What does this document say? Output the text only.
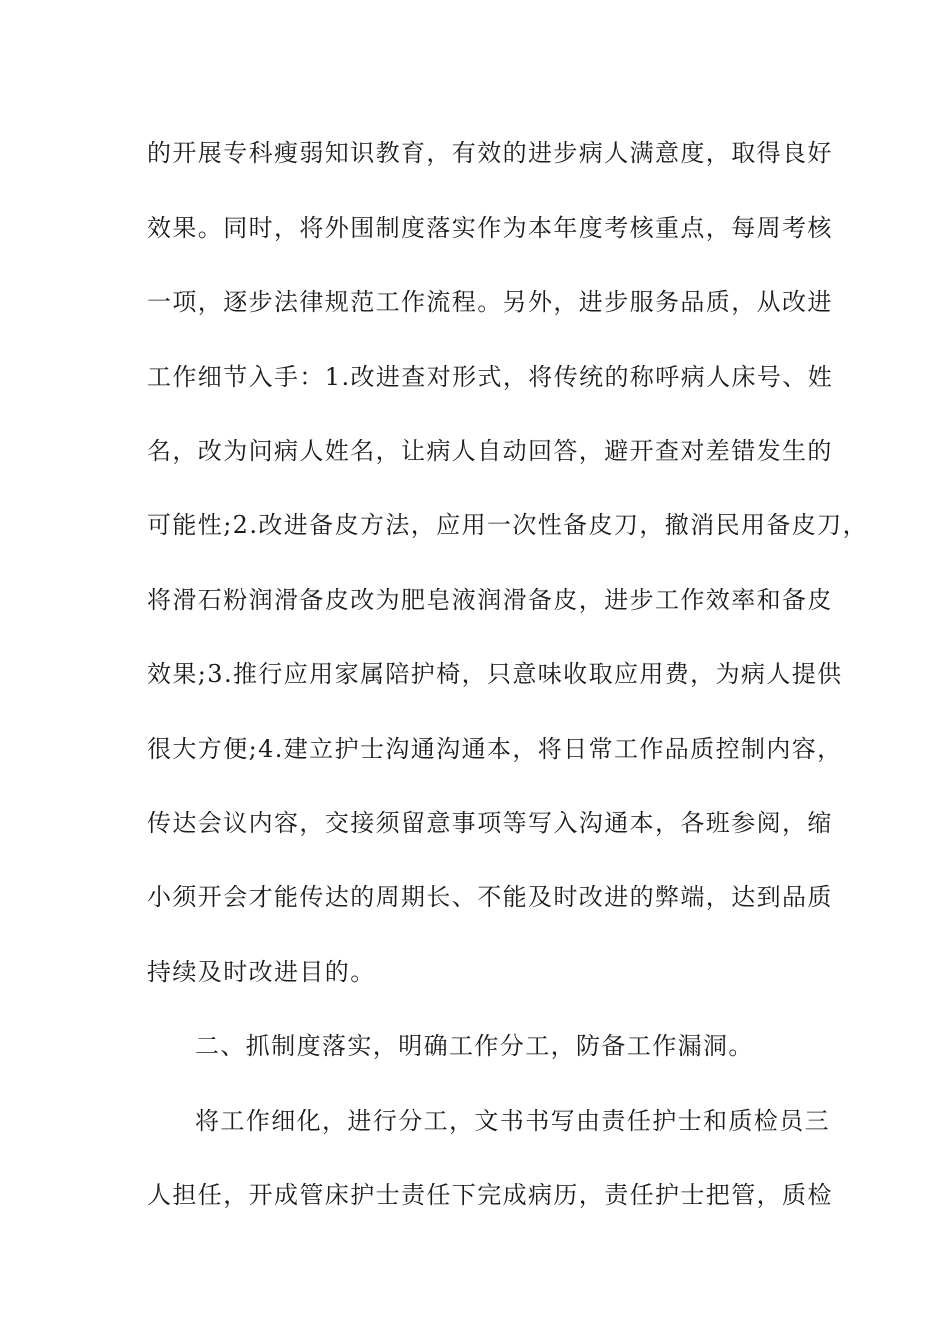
的开展专科瘦弱知识教育，有效的进步病人满意度，取得良好
效果。同时，将外围制度落实作为本年度考核重点，每周考核
一项，逐步法律规范工作流程。另外，进步服务品质，从改进
工作细节入手：1.改进查对形式，将传统的称呼病人床号、姓
名，改为问病人姓名，让病人自动回答，避开查对差错发生的
可能性;2.改进备皮方法，应用一次性备皮刀，撤消民用备皮刀，
将滑石粉润滑备皮改为肥皂液润滑备皮，进步工作效率和备皮
效果;3.推行应用家属陪护椅，只意味收取应用费，为病人提供
很大方便;4.建立护士沟通沟通本，将日常工作品质控制内容，
传达会议内容，交接须留意事项等写入沟通本，各班参阅，缩
小须开会才能传达的周期长、不能及时改进的弊端，达到品质
持续及时改进目的。
二、抓制度落实，明确工作分工，防备工作漏洞。
将工作细化，进行分工，文书书写由责任护士和质检员三
人担任，开成管床护士责任下完成病历，责任护士把管，质检
